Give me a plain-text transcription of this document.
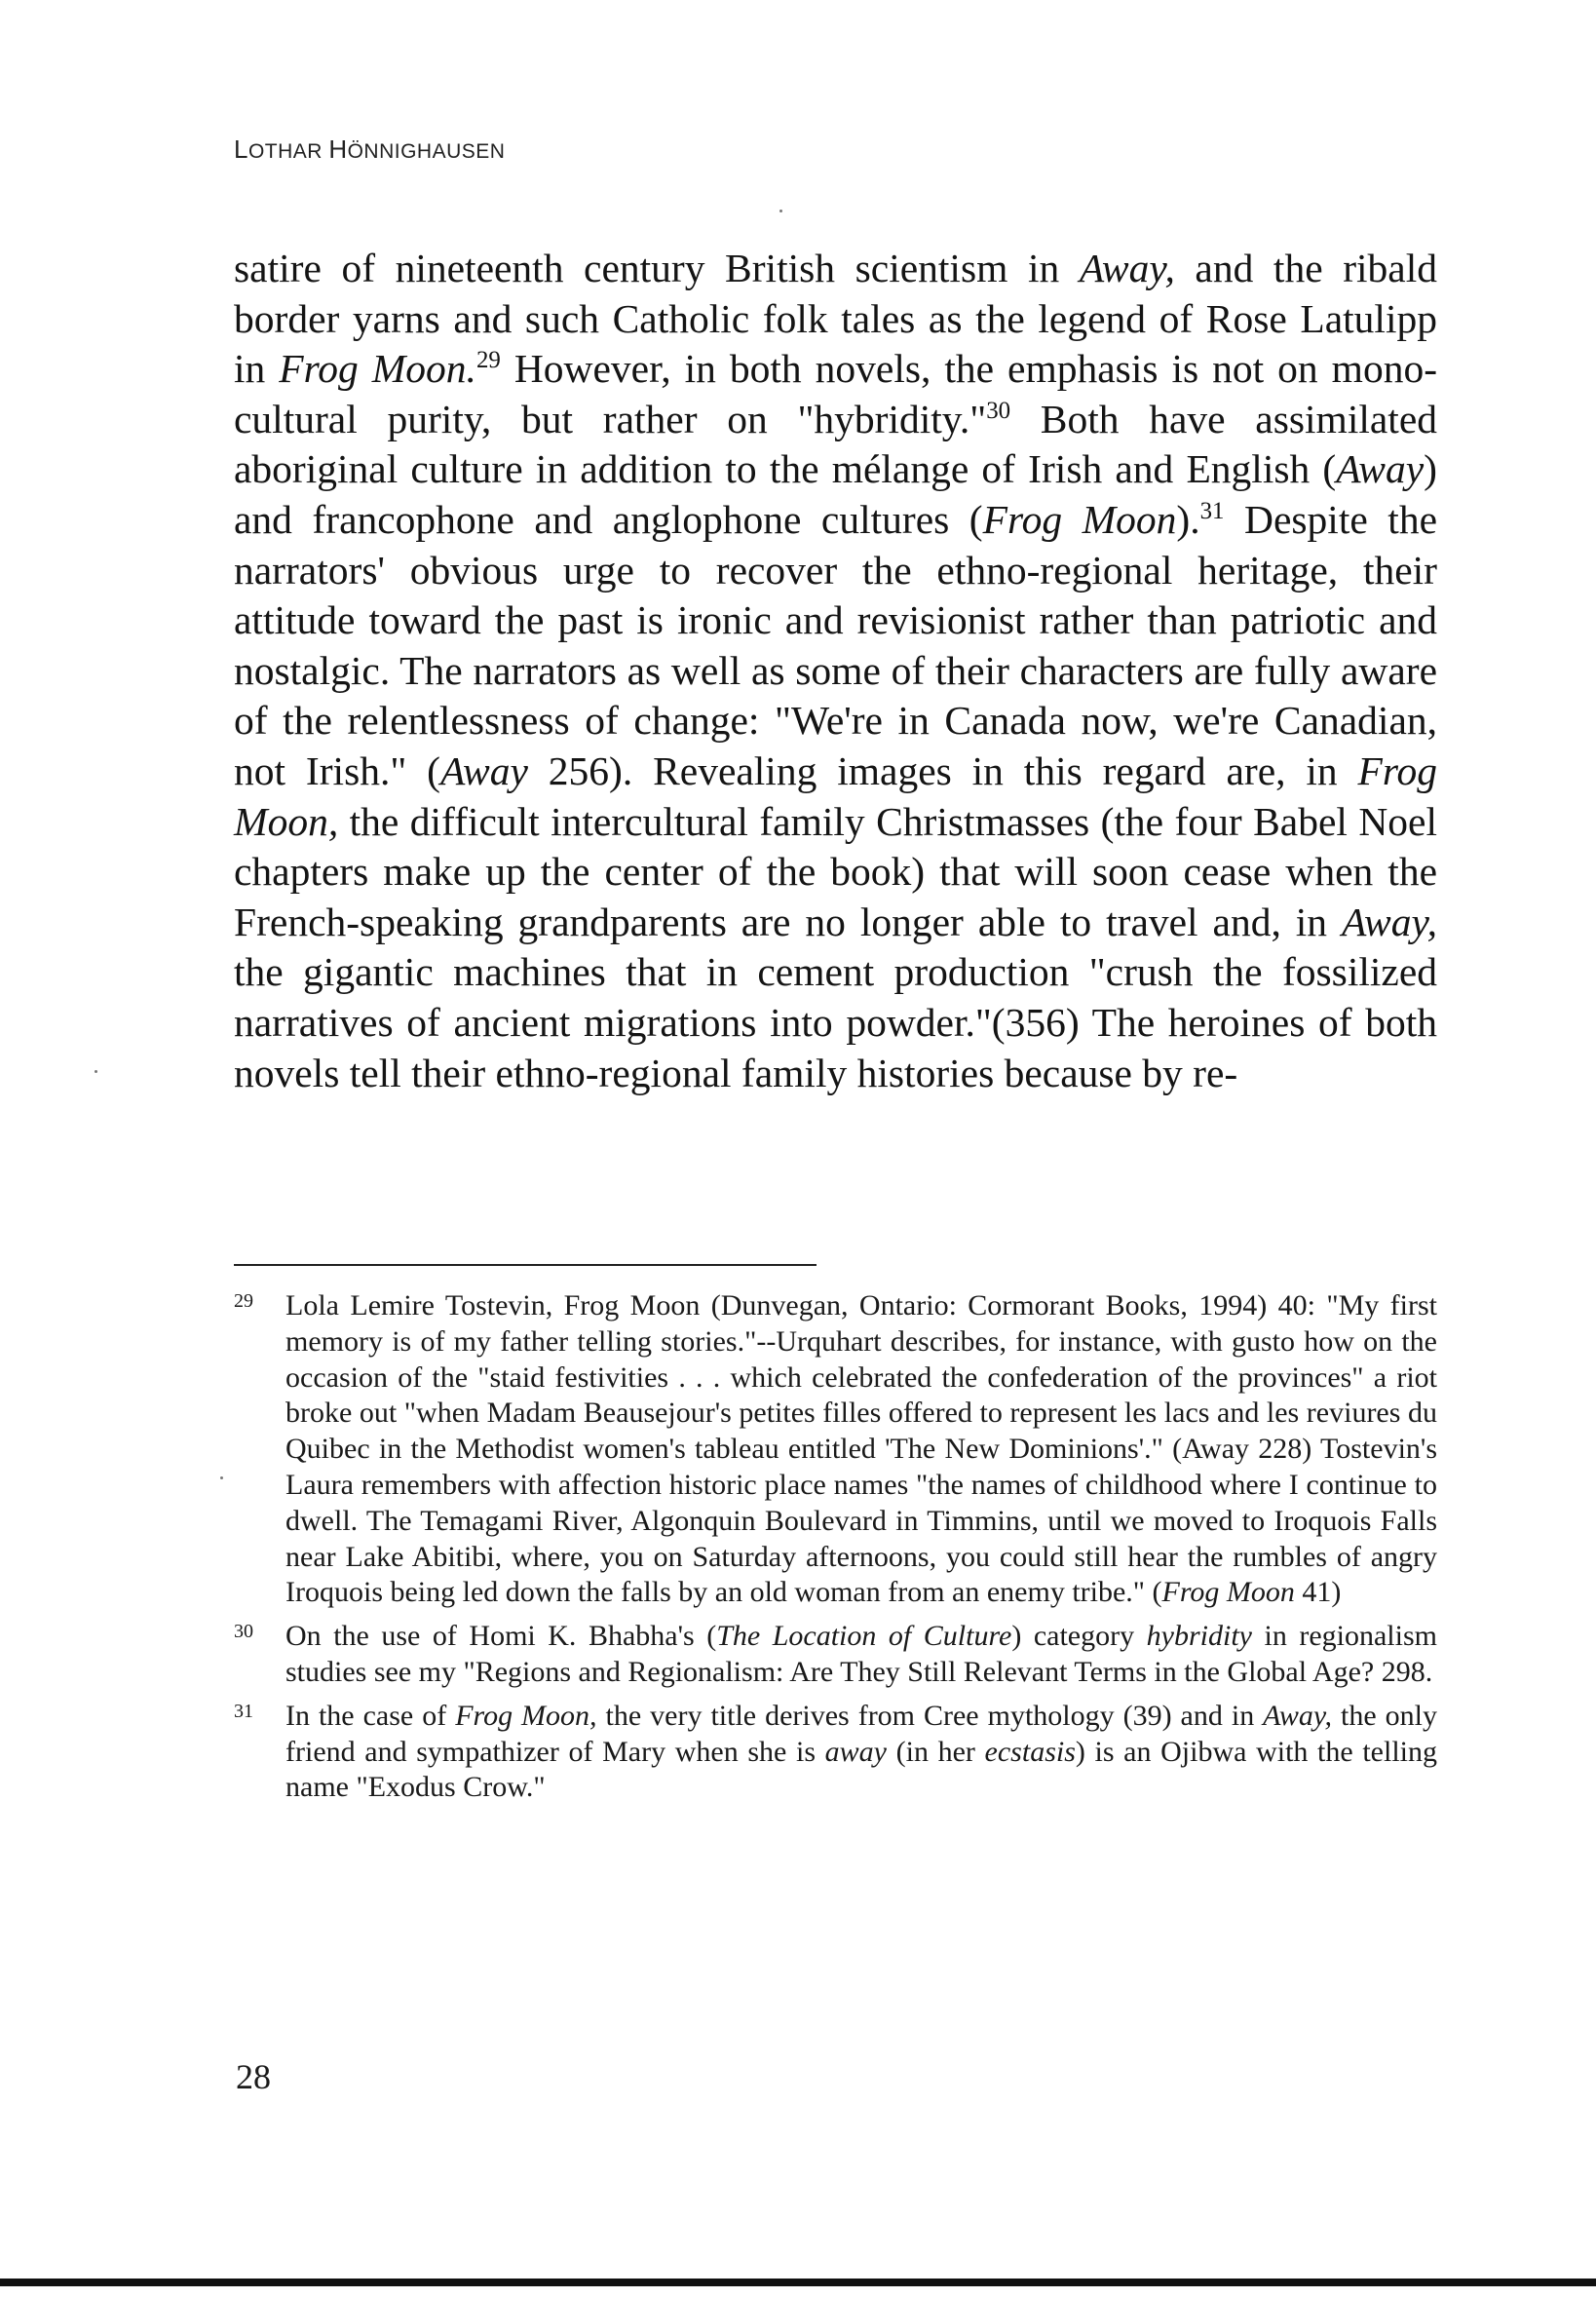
LOTHAR HÖNNIGHAUSEN

satire of nineteenth century British scientism in Away, and the ribald border yarns and such Catholic folk tales as the legend of Rose Latulipp in Frog Moon.$^{29}$ However, in both novels, the emphasis is not on mono-cultural purity, but rather on "hybridity."$^{30}$ Both have assimilated aboriginal culture in addition to the mélange of Irish and English (Away) and francophone and anglophone cultures (Frog Moon).$^{31}$ Despite the narrators' obvious urge to recover the ethno-regional heritage, their attitude toward the past is ironic and revisionist rather than patriotic and nostalgic. The narrators as well as some of their characters are fully aware of the relentlessness of change: "We're in Canada now, we're Canadian, not Irish." (Away 256). Revealing images in this regard are, in Frog Moon, the difficult intercultural family Christmasses (the four Babel Noel chapters make up the center of the book) that will soon cease when the French-speaking grandparents are no longer able to travel and, in Away, the gigantic machines that in cement production "crush the fossilized narratives of ancient migrations into powder."(356) The heroines of both novels tell their ethno-regional family histories because by re-

29	Lola Lemire Tostevin, Frog Moon (Dunvegan, Ontario: Cormorant Books, 1994) 40: "My first memory is of my father telling stories."--Urquhart describes, for instance, with gusto how on the occasion of the "staid festivities . . . which celebrated the confederation of the provinces" a riot broke out "when Madam Beausejour's petites filles offered to represent les lacs and les reviures du Quibec in the Methodist women's tableau entitled 'The New Dominions'." (Away 228) Tostevin's Laura remembers with affection historic place names "the names of childhood where I continue to dwell. The Temagami River, Algonquin Boulevard in Timmins, until we moved to Iroquois Falls near Lake Abitibi, where, you on Saturday afternoons, you could still hear the rumbles of angry Iroquois being led down the falls by an old woman from an enemy tribe." (Frog Moon 41)

30	On the use of Homi K. Bhabha's (The Location of Culture) category hybridity in regionalism studies see my "Regions and Regionalism: Are They Still Relevant Terms in the Global Age? 298.

31	In the case of Frog Moon, the very title derives from Cree mythology (39) and in Away, the only friend and sympathizer of Mary when she is away (in her ecstasis) is an Ojibwa with the telling name "Exodus Crow."

28
